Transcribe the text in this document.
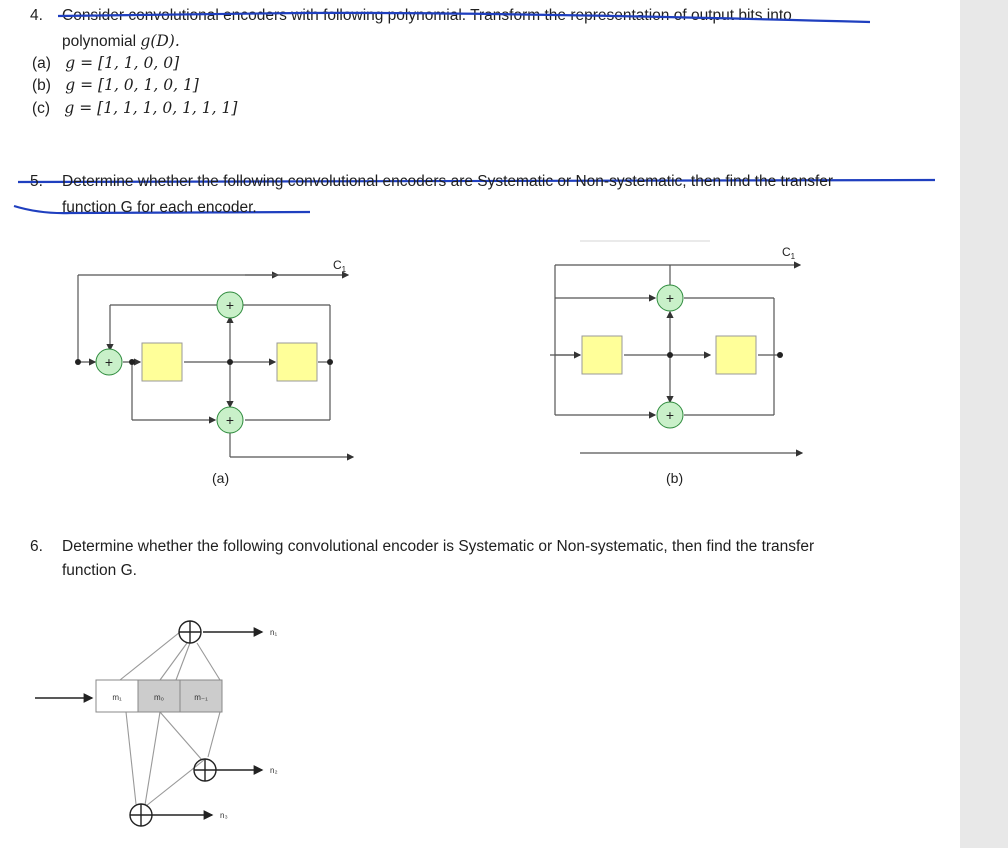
4. Consider convolutional encoders with following polynomial. Transform the representation of output bits into
polynomial g(D).
(a) g = [1, 1, 0, 0]
(b) g = [1, 0, 1, 0, 1]
(c) g = [1, 1, 1, 0, 1, 1, 1]
5. Determine whether the following convolutional encoders are Systematic or Non-systematic, then find the transfer
function G for each encoder.
+
+
+
$C_1$
(a)
+
+
$C_1$
(b)
6. Determine whether the following convolutional encoder is Systematic or Non-systematic, then find the transfer
function G.
m₁	m₀	m₋₁
n₁
n₂
n₃
